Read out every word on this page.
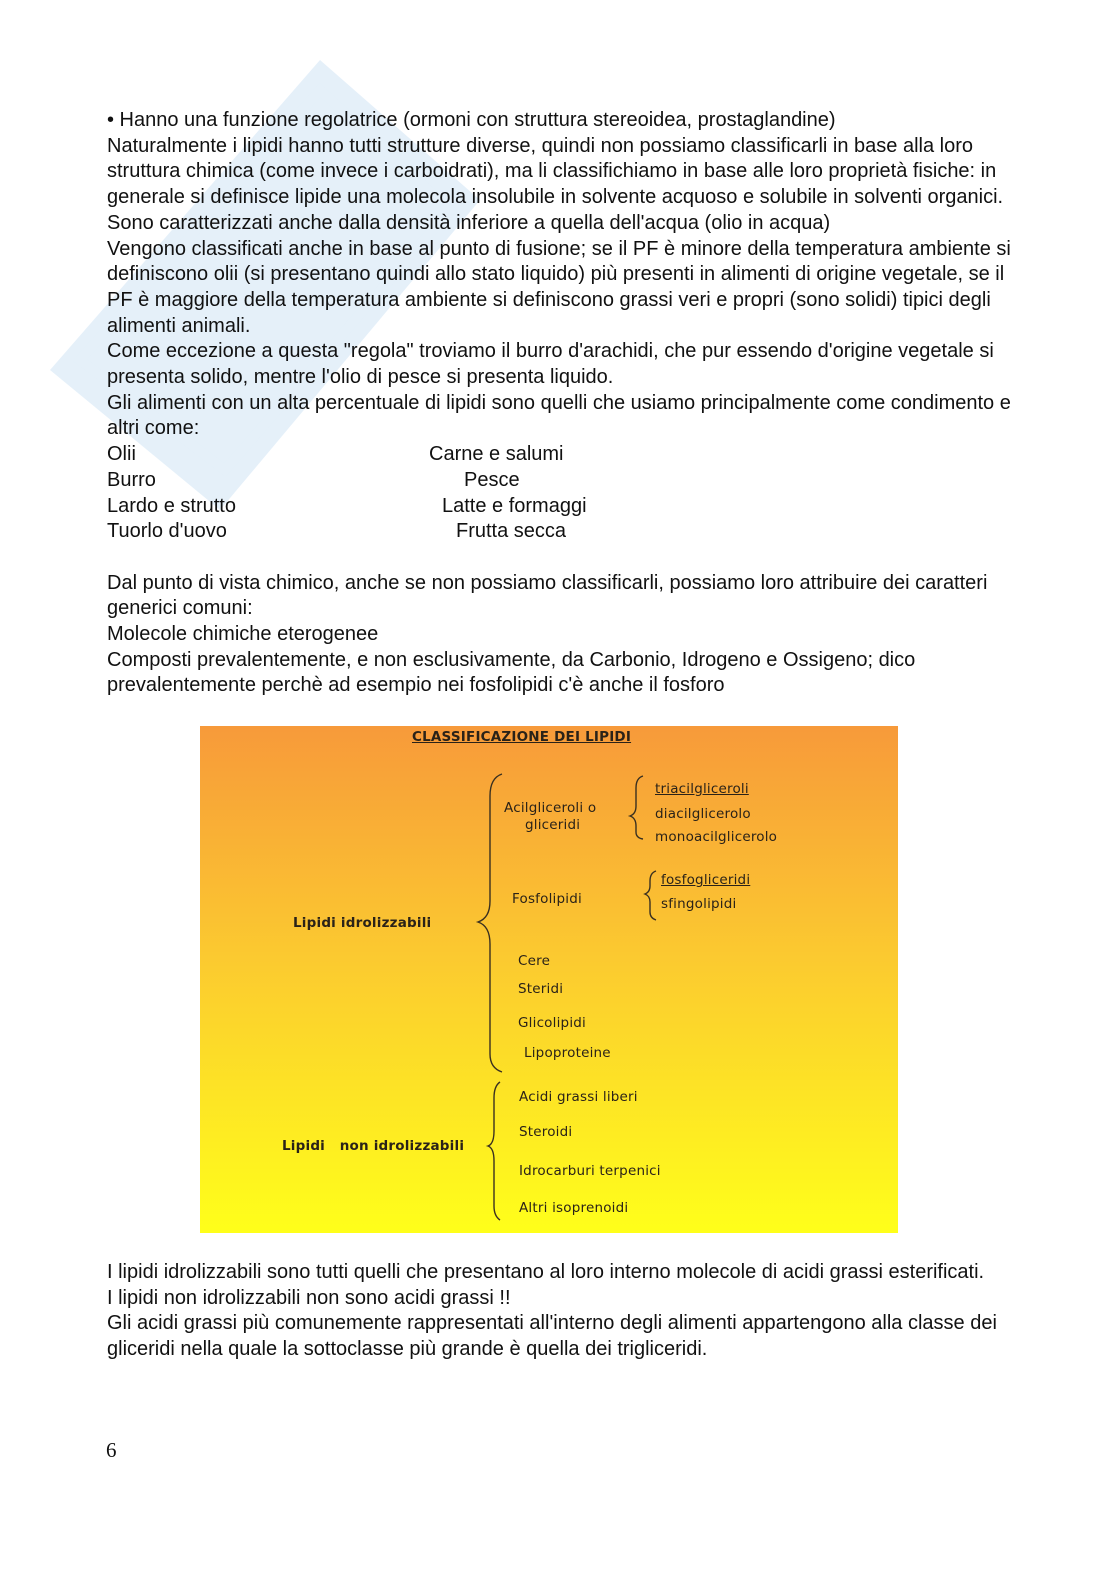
• Hanno una funzione regolatrice (ormoni con struttura stereoidea, prostaglandine)

Naturalmente i lipidi hanno tutti strutture diverse, quindi non possiamo classificarli in base alla loro struttura chimica (come invece i carboidrati), ma li classifichiamo in base alle loro proprietà fisiche: in generale si definisce lipide una molecola insolubile in solvente acquoso e solubile in solventi organici.

Sono caratterizzati anche dalla densità inferiore a quella dell'acqua (olio in acqua)

Vengono classificati anche in base al punto di fusione; se il PF è minore della temperatura ambiente si definiscono olii (si presentano quindi allo stato liquido) più presenti in alimenti di origine vegetale, se il PF è maggiore della temperatura ambiente si definiscono grassi veri e propri (sono solidi) tipici degli alimenti animali.

Come eccezione a questa "regola" troviamo il burro d'arachidi, che pur essendo d'origine vegetale si presenta solido, mentre l'olio di pesce si presenta liquido.

Gli alimenti con un alta percentuale di lipidi sono quelli che usiamo principalmente come condimento e altri come:

Olii	Carne e salumi
Burro	Pesce
Lardo e strutto	Latte e formaggi
Tuorlo d'uovo	Frutta secca

Dal punto di vista chimico, anche se non possiamo classificarli, possiamo loro attribuire dei caratteri generici comuni:

Molecole chimiche eterogenee

Composti prevalentemente, e non esclusivamente, da Carbonio, Idrogeno e Ossigeno; dico prevalentemente perchè ad esempio nei fosfolipidi c'è anche il fosforo

CLASSIFICAZIONE DEI LIPIDI
Lipidi idrolizzabili
Lipidi   non idrolizzabili
Acilgliceroli o
gliceridi
triacilgliceroli
diacilglicerolo
monoacilglicerolo
Fosfolipidi
fosfogliceridi
sfingolipidi
Cere
Steridi
Glicolipidi
Lipoproteine
Acidi grassi liberi
Steroidi
Idrocarburi terpenici
Altri isoprenoidi

I lipidi idrolizzabili sono tutti quelli che presentano al loro interno molecole di acidi grassi esterificati.

I lipidi non idrolizzabili non sono acidi grassi !!

Gli acidi grassi più comunemente rappresentati all'interno degli alimenti appartengono alla classe dei gliceridi nella quale la sottoclasse più grande è quella dei trigliceridi.

6
